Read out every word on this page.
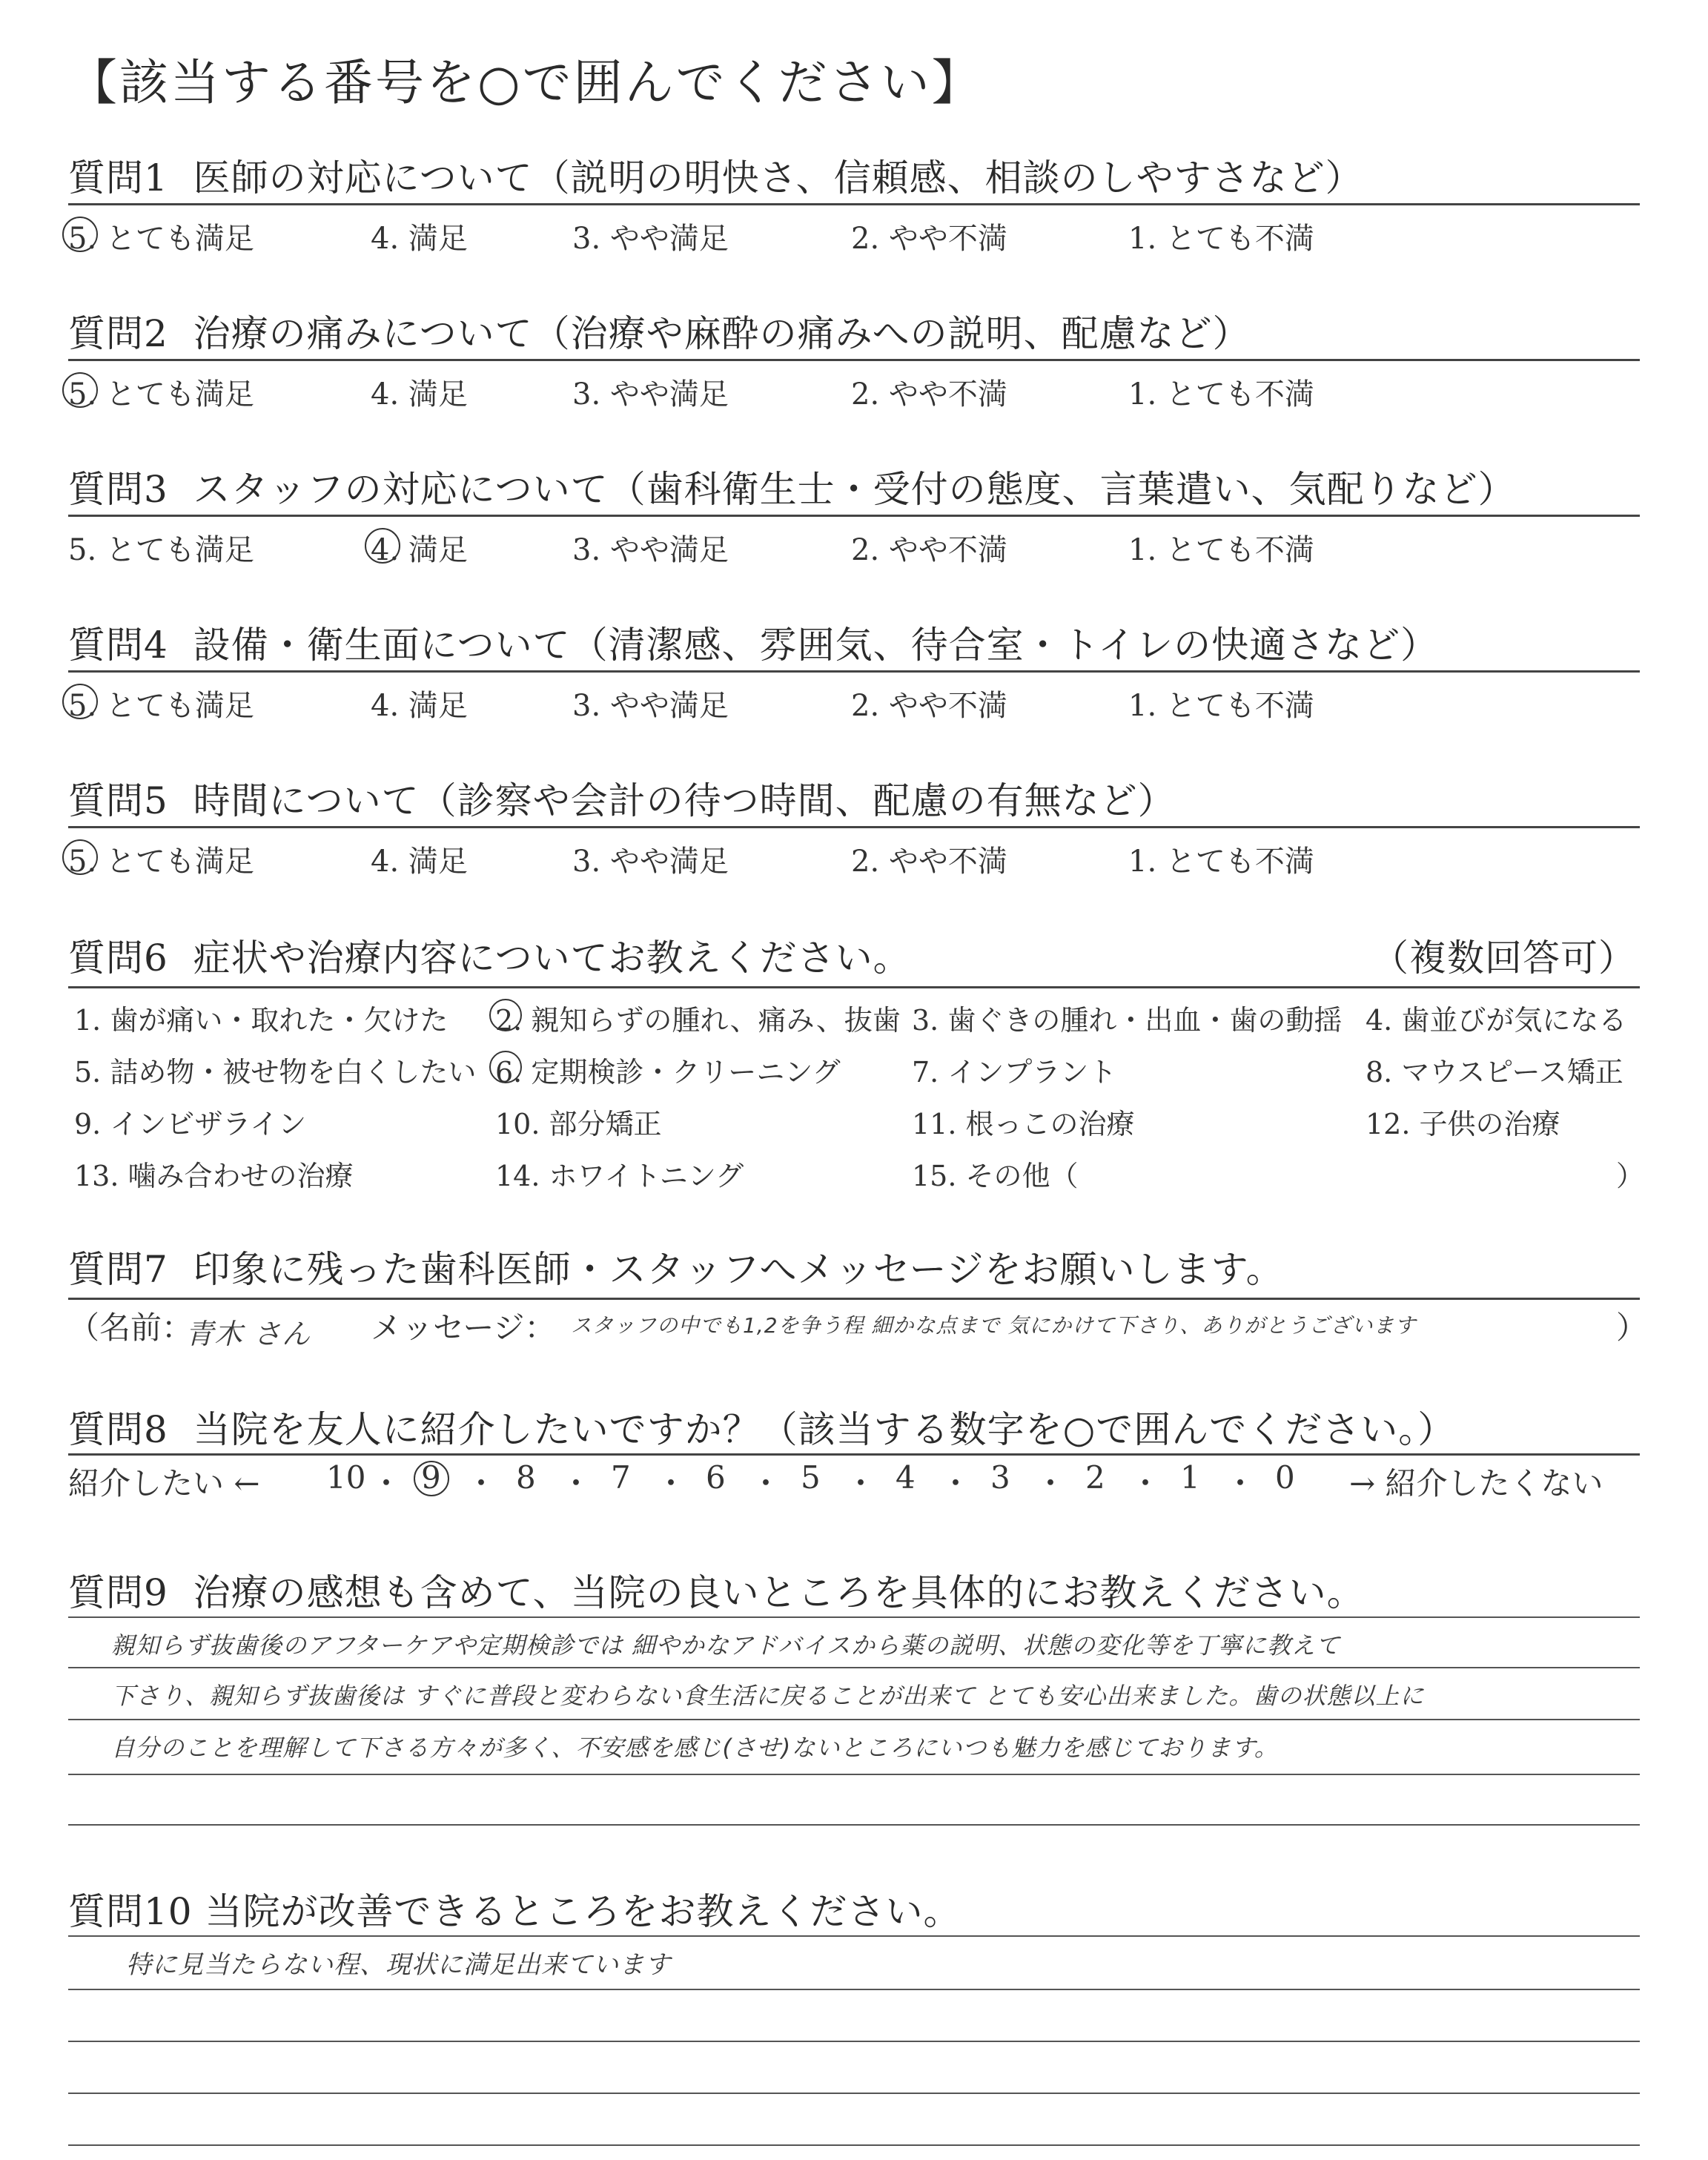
【該当する番号を○で囲んでください】
質問1 医師の対応について（説明の明快さ、信頼感、相談のしやすさなど）
5. とても満足	4. 満足	3. やや満足	2. やや不満	1. とても不満
質問2 治療の痛みについて（治療や麻酔の痛みへの説明、配慮など）
5. とても満足	4. 満足	3. やや満足	2. やや不満	1. とても不満
質問3 スタッフの対応について（歯科衛生士・受付の態度、言葉遣い、気配りなど）
5. とても満足	4. 満足	3. やや満足	2. やや不満	1. とても不満
質問4 設備・衛生面について（清潔感、雰囲気、待合室・トイレの快適さなど）
5. とても満足	4. 満足	3. やや満足	2. やや不満	1. とても不満
質問5 時間について（診察や会計の待つ時間、配慮の有無など）
5. とても満足	4. 満足	3. やや満足	2. やや不満	1. とても不満
質問6 症状や治療内容についてお教えください。	（複数回答可）
1. 歯が痛い・取れた・欠けた 2. 親知らずの腫れ、痛み、抜歯 3. 歯ぐきの腫れ・出血・歯の動揺 4. 歯並びが気になる
5. 詰め物・被せ物を白くしたい 6. 定期検診・クリーニング	7. インプラント	8. マウスピース矯正
9. インビザライン	10. 部分矯正	11. 根っこの治療	12. 子供の治療
13. 噛み合わせの治療	14. ホワイトニング	15. その他（	）
質問7 印象に残った歯科医師・スタッフへメッセージをお願いします。
（名前：
青木 さん メッセージ： スタッフの中でも1,2を争う程 細かな点まで 気にかけて下さり、ありがとうございます	）
質問8 当院を友人に紹介したいですか？（該当する数字を○で囲んでください。）
紹介したい ←	→ 紹介したくない
10 ・ 9 ・ 8 ・ 7 ・ 6 ・ 5 ・ 4 ・ 3 ・ 2 ・ 1 ・ 0
質問9 治療の感想も含めて、当院の良いところを具体的にお教えください。
親知らず抜歯後のアフターケアや定期検診では 細やかなアドバイスから薬の説明、状態の変化等を丁寧に教えて
下さり、親知らず抜歯後は すぐに普段と変わらない食生活に戻ることが出来て とても安心出来ました。歯の状態以上に
自分のことを理解して下さる方々が多く、不安感を感じ(させ)ないところにいつも魅力を感じております。
質問10 当院が改善できるところをお教えください。
特に見当たらない程、現状に満足出来ています
